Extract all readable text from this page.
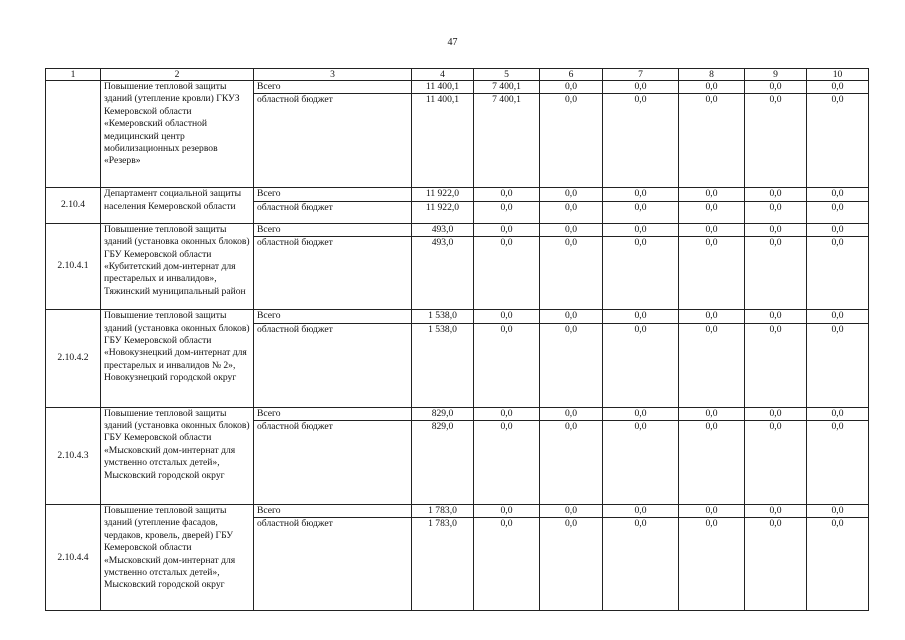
47
1	2	3	4	5	6	7	8	9	10
	Повышение тепловой защиты зданий (утепление кровли) ГКУЗ Кемеровской области «Кемеровский областной медицинский центр мобилизационных резервов «Резерв»	Всего	11 400,1	7 400,1	0,0	0,0	0,0	0,0	0,0
		областной бюджет	11 400,1	7 400,1	0,0	0,0	0,0	0,0	0,0
2.10.4	Департамент социальной защиты населения Кемеровской области	Всего	11 922,0	0,0	0,0	0,0	0,0	0,0	0,0
		областной бюджет	11 922,0	0,0	0,0	0,0	0,0	0,0	0,0
2.10.4.1	Повышение тепловой защиты зданий (установка оконных блоков) ГБУ Кемеровской области «Кубитетский дом-интернат для престарелых и инвалидов», Тяжинский муниципальный район	Всего	493,0	0,0	0,0	0,0	0,0	0,0	0,0
		областной бюджет	493,0	0,0	0,0	0,0	0,0	0,0	0,0
2.10.4.2	Повышение тепловой защиты зданий (установка оконных блоков) ГБУ Кемеровской области «Новокузнецкий дом-интернат для престарелых и инвалидов № 2», Новокузнецкий городской округ	Всего	1 538,0	0,0	0,0	0,0	0,0	0,0	0,0
		областной бюджет	1 538,0	0,0	0,0	0,0	0,0	0,0	0,0
2.10.4.3	Повышение тепловой защиты зданий (установка оконных блоков) ГБУ Кемеровской области «Мысковский дом-интернат для умственно отсталых детей», Мысковский городской округ	Всего	829,0	0,0	0,0	0,0	0,0	0,0	0,0
		областной бюджет	829,0	0,0	0,0	0,0	0,0	0,0	0,0
2.10.4.4	Повышение тепловой защиты зданий (утепление фасадов, чердаков, кровель, дверей) ГБУ Кемеровской области «Мысковский дом-интернат для умственно отсталых детей», Мысковский городской округ	Всего	1 783,0	0,0	0,0	0,0	0,0	0,0	0,0
		областной бюджет	1 783,0	0,0	0,0	0,0	0,0	0,0	0,0
